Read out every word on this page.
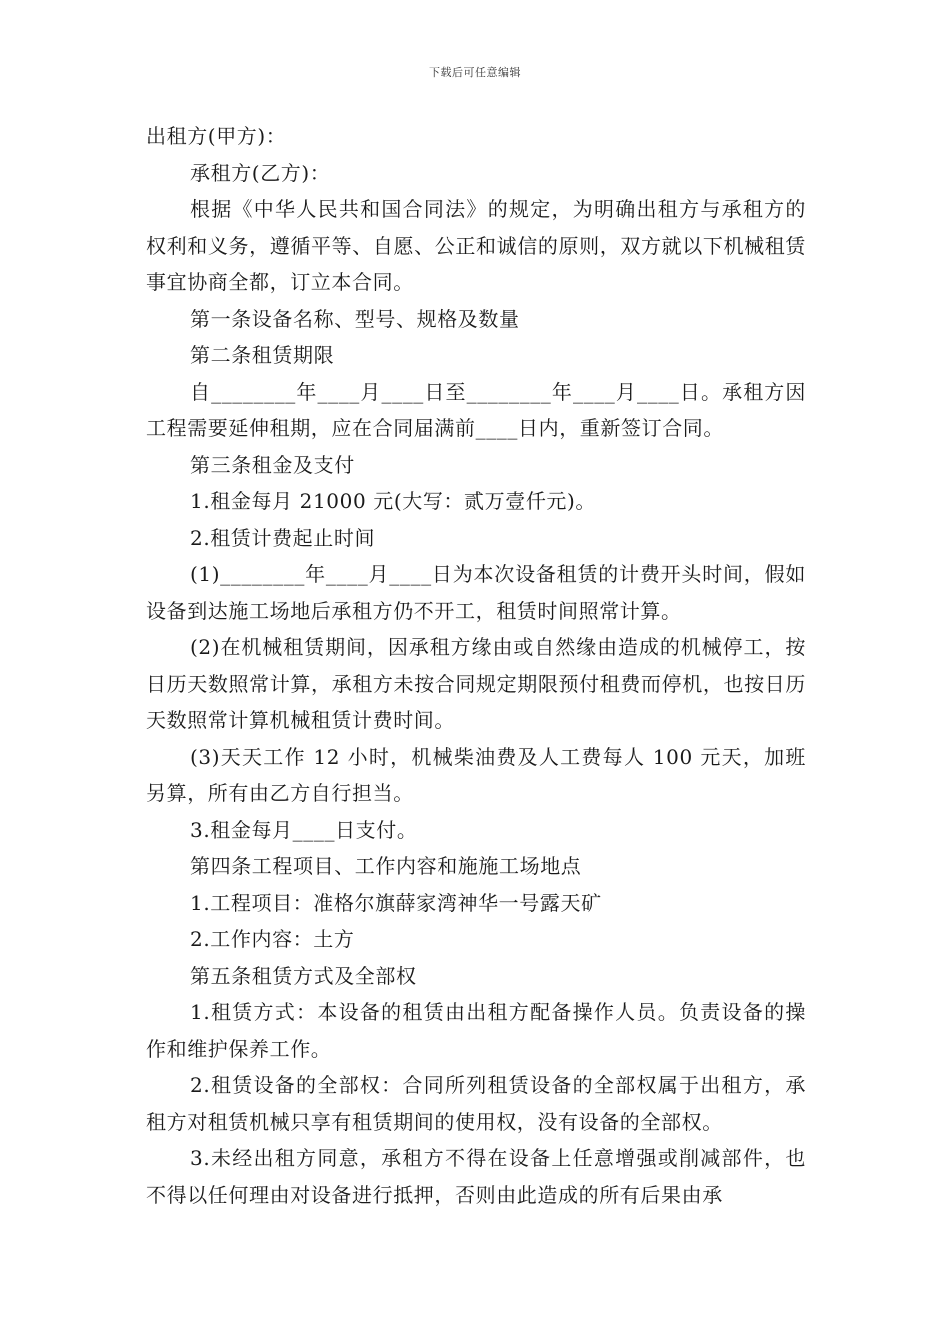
下载后可任意编辑

出租方(甲方)：

承租方(乙方)：

根据《中华人民共和国合同法》的规定，为明确出租方与承租方的权利和义务，遵循平等、自愿、公正和诚信的原则，双方就以下机械租赁事宜协商全都，订立本合同。

第一条设备名称、型号、规格及数量

第二条租赁期限

自________年____月____日至________年____月____日。承租方因工程需要延伸租期，应在合同届满前____日内，重新签订合同。

第三条租金及支付

1.租金每月 21000 元(大写：贰万壹仟元)。

2.租赁计费起止时间

(1)________年____月____日为本次设备租赁的计费开头时间，假如设备到达施工场地后承租方仍不开工，租赁时间照常计算。

(2)在机械租赁期间，因承租方缘由或自然缘由造成的机械停工，按日历天数照常计算，承租方未按合同规定期限预付租费而停机，也按日历天数照常计算机械租赁计费时间。

(3)天天工作 12 小时，机械柴油费及人工费每人 100 元天，加班另算，所有由乙方自行担当。

3.租金每月____日支付。

第四条工程项目、工作内容和施施工场地点

1.工程项目：准格尔旗薛家湾神华一号露天矿

2.工作内容：土方

第五条租赁方式及全部权

1.租赁方式：本设备的租赁由出租方配备操作人员。负责设备的操作和维护保养工作。

2.租赁设备的全部权：合同所列租赁设备的全部权属于出租方，承租方对租赁机械只享有租赁期间的使用权，没有设备的全部权。

3.未经出租方同意，承租方不得在设备上任意增强或削减部件，也不得以任何理由对设备进行抵押，否则由此造成的所有后果由承
